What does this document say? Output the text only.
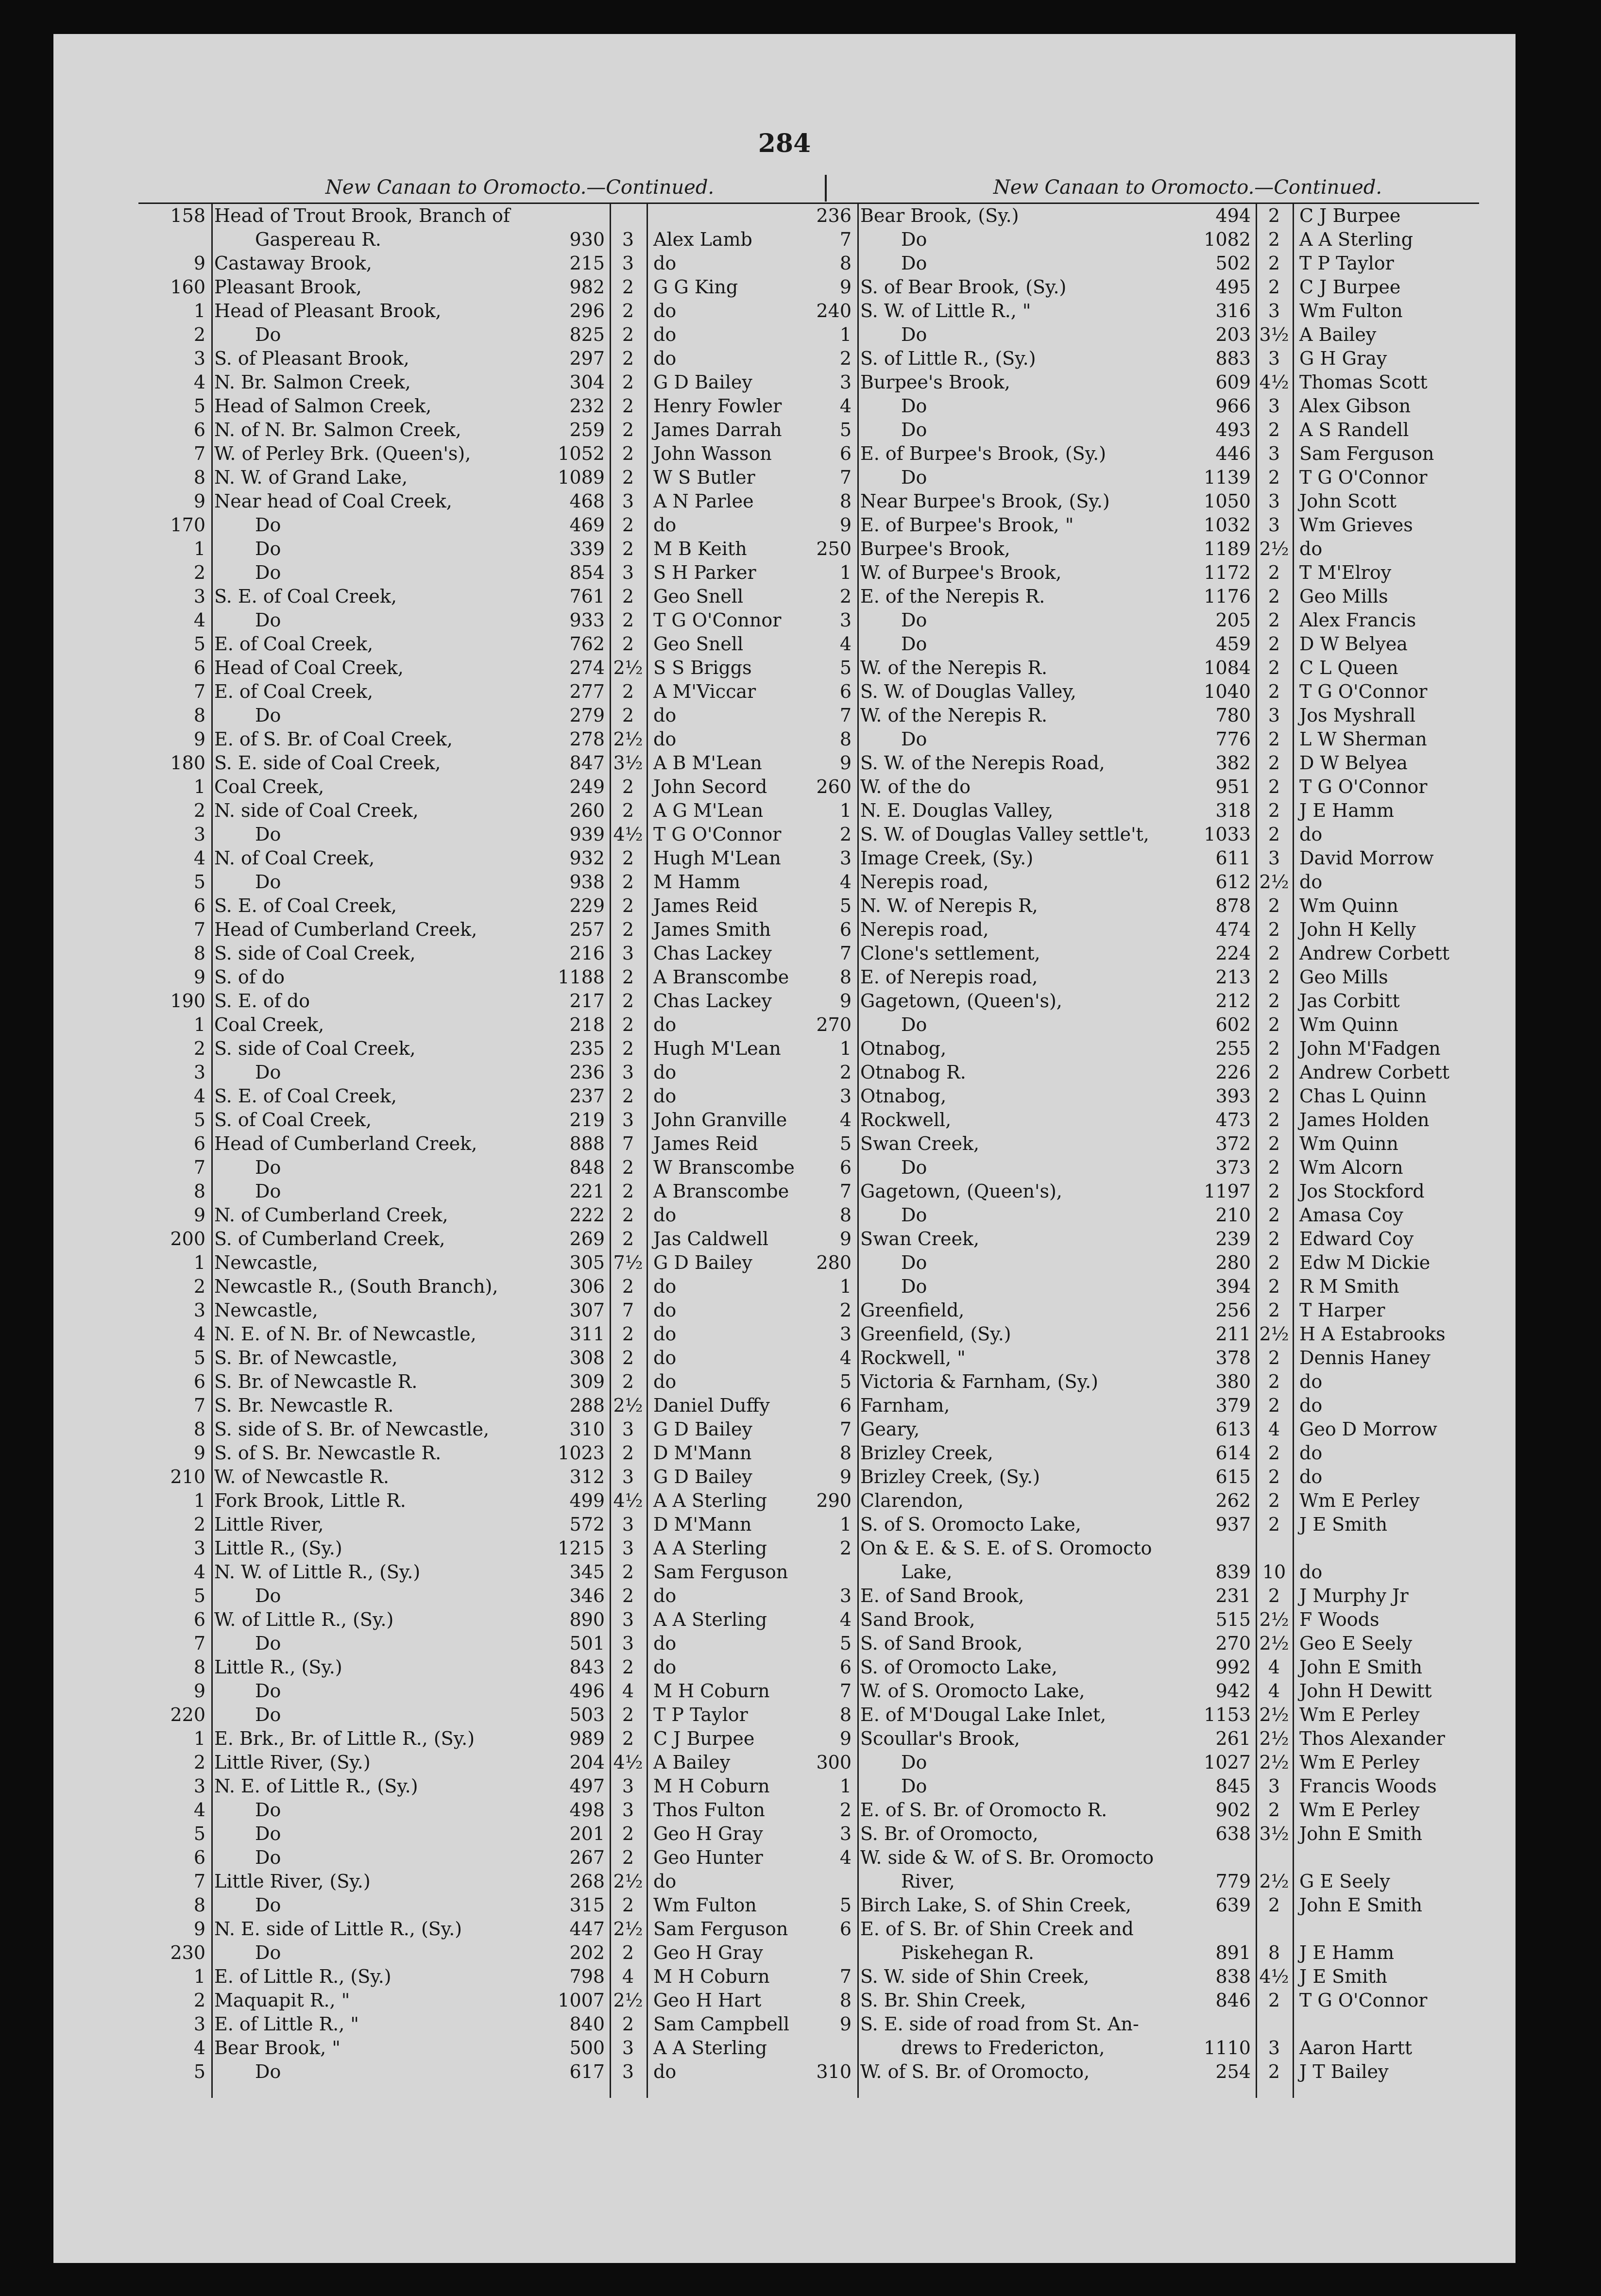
284
New Canaan to Oromocto.—Continued.
158 Head of Trout Brook, Branch of
Gaspereau R.	930 3	Alex Lamb
9 Castaway Brook,	215 3	do
160 Pleasant Brook,	982 2	G G King
1 Head of Pleasant Brook,	296 2	do
2	Do	825 2	do
3 S. of Pleasant Brook,	297 2	do
4 N. Br. Salmon Creek,	304 2	G D Bailey
5 Head of Salmon Creek,	232 2	Henry Fowler
6 N. of N. Br. Salmon Creek,	259 2	James Darrah
7 W. of Perley Brk. (Queen's),	1052 2	John Wasson
8 N. W. of Grand Lake,	1089 2	W S Butler
9 Near head of Coal Creek,	468 3	A N Parlee
170	Do	469 2	do
1	Do	339 2	M B Keith
2	Do	854 3	S H Parker
3 S. E. of Coal Creek,	761 2	Geo Snell
4	Do	933 2	T G O'Connor
5 E. of Coal Creek,	762 2	Geo Snell
6 Head of Coal Creek,	274 2½ S S Briggs
7 E. of Coal Creek,	277 2	A M'Viccar
8	Do	279 2	do
9 E. of S. Br. of Coal Creek,	278 2½ do
180 S. E. side of Coal Creek,	847 3½ A B M'Lean
1 Coal Creek,	249 2	John Secord
2 N. side of Coal Creek,	260 2	A G M'Lean
3	Do	939 4½ T G O'Connor
4 N. of Coal Creek,	932 2	Hugh M'Lean
5	Do	938 2	M Hamm
6 S. E. of Coal Creek,	229 2	James Reid
7 Head of Cumberland Creek,	257 2	James Smith
8 S. side of Coal Creek,	216 3	Chas Lackey
9 S. of do	1188 2	A Branscombe
190 S. E. of do	217 2	Chas Lackey
1 Coal Creek,	218 2	do
2 S. side of Coal Creek,	235 2	Hugh M'Lean
3	Do	236 3	do
4 S. E. of Coal Creek,	237 2	do
5 S. of Coal Creek,	219 3	John Granville
6 Head of Cumberland Creek,	888 7	James Reid
7	Do	848 2	W Branscombe
8	Do	221 2	A Branscombe
9 N. of Cumberland Creek,	222 2	do
200 S. of Cumberland Creek,	269 2	Jas Caldwell
1 Newcastle,	305 7½ G D Bailey
2 Newcastle R., (South Branch),	306 2	do
3 Newcastle,	307 7	do
4 N. E. of N. Br. of Newcastle,	311 2	do
5 S. Br. of Newcastle,	308 2	do
6 S. Br. of Newcastle R.	309 2	do
7 S. Br. Newcastle R.	288 2½ Daniel Duffy
8 S. side of S. Br. of Newcastle,	310 3	G D Bailey
9 S. of S. Br. Newcastle R.	1023 2	D M'Mann
210 W. of Newcastle R.	312 3	G D Bailey
1 Fork Brook, Little R.	499 4½ A A Sterling
2 Little River,	572 3	D M'Mann
3 Little R., (Sy.)	1215 3	A A Sterling
4 N. W. of Little R., (Sy.)	345 2	Sam Ferguson
5	Do	346 2	do
6 W. of Little R., (Sy.)	890 3	A A Sterling
7	Do	501 3	do
8 Little R., (Sy.)	843 2	do
9	Do	496 4	M H Coburn
220	Do	503 2	T P Taylor
1 E. Brk., Br. of Little R., (Sy.)	989 2	C J Burpee
2 Little River, (Sy.)	204 4½ A Bailey
3 N. E. of Little R., (Sy.)	497 3	M H Coburn
4	Do	498 3	Thos Fulton
5	Do	201 2	Geo H Gray
6	Do	267 2	Geo Hunter
7 Little River, (Sy.)	268 2½ do
8	Do	315 2	Wm Fulton
9 N. E. side of Little R., (Sy.)	447 2½ Sam Ferguson
230	Do	202 2	Geo H Gray
1 E. of Little R., (Sy.)	798 4	M H Coburn
2 Maquapit R., "	1007 2½ Geo H Hart
3 E. of Little R., "	840 2	Sam Campbell
4 Bear Brook, "	500 3	A A Sterling
5	Do	617 3	do
New Canaan to Oromocto.—Continued.
236 Bear Brook, (Sy.)	494 2	C J Burpee
7	Do	1082 2	A A Sterling
8	Do	502 2	T P Taylor
9 S. of Bear Brook, (Sy.)	495 2	C J Burpee
240 S. W. of Little R., "	316 3	Wm Fulton
1	Do	203 3½ A Bailey
2 S. of Little R., (Sy.)	883 3	G H Gray
3 Burpee's Brook,	609 4½ Thomas Scott
4	Do	966 3	Alex Gibson
5	Do	493 2	A S Randell
6 E. of Burpee's Brook, (Sy.)	446 3	Sam Ferguson
7	Do	1139 2	T G O'Connor
8 Near Burpee's Brook, (Sy.)	1050 3	John Scott
9 E. of Burpee's Brook, "	1032 3	Wm Grieves
250 Burpee's Brook,	1189 2½ do
1 W. of Burpee's Brook,	1172 2	T M'Elroy
2 E. of the Nerepis R.	1176 2	Geo Mills
3	Do	205 2	Alex Francis
4	Do	459 2	D W Belyea
5 W. of the Nerepis R.	1084 2	C L Queen
6 S. W. of Douglas Valley,	1040 2	T G O'Connor
7 W. of the Nerepis R.	780 3	Jos Myshrall
8	Do	776 2	L W Sherman
9 S. W. of the Nerepis Road,	382 2	D W Belyea
260 W. of the do	951 2	T G O'Connor
1 N. E. Douglas Valley,	318 2	J E Hamm
2 S. W. of Douglas Valley settle't,	1033 2	do
3 Image Creek, (Sy.)	611 3	David Morrow
4 Nerepis road,	612 2½ do
5 N. W. of Nerepis R,	878 2	Wm Quinn
6 Nerepis road,	474 2	John H Kelly
7 Clone's settlement,	224 2	Andrew Corbett
8 E. of Nerepis road,	213 2	Geo Mills
9 Gagetown, (Queen's),	212 2	Jas Corbitt
270	Do	602 2	Wm Quinn
1 Otnabog,	255 2	John M'Fadgen
2 Otnabog R.	226 2	Andrew Corbett
3 Otnabog,	393 2	Chas L Quinn
4 Rockwell,	473 2	James Holden
5 Swan Creek,	372 2	Wm Quinn
6	Do	373 2	Wm Alcorn
7 Gagetown, (Queen's),	1197 2	Jos Stockford
8	Do	210 2	Amasa Coy
9 Swan Creek,	239 2	Edward Coy
280	Do	280 2	Edw M Dickie
1	Do	394 2	R M Smith
2 Greenfield,	256 2	T Harper
3 Greenfield, (Sy.)	211 2½ H A Estabrooks
4 Rockwell, "	378 2	Dennis Haney
5 Victoria & Farnham, (Sy.)	380 2	do
6 Farnham,	379 2	do
7 Geary,	613 4	Geo D Morrow
8 Brizley Creek,	614 2	do
9 Brizley Creek, (Sy.)	615 2	do
290 Clarendon,	262 2	Wm E Perley
1 S. of S. Oromocto Lake,	937 2	J E Smith
2 On & E. & S. E. of S. Oromocto
Lake,	839 10 do
3 E. of Sand Brook,	231 2	J Murphy Jr
4 Sand Brook,	515 2½ F Woods
5 S. of Sand Brook,	270 2½ Geo E Seely
6 S. of Oromocto Lake,	992 4	John E Smith
7 W. of S. Oromocto Lake,	942 4	John H Dewitt
8 E. of M'Dougal Lake Inlet,	1153 2½ Wm E Perley
9 Scoullar's Brook,	261 2½ Thos Alexander
300	Do	1027 2½ Wm E Perley
1	Do	845 3	Francis Woods
2 E. of S. Br. of Oromocto R.	902 2	Wm E Perley
3 S. Br. of Oromocto,	638 3½ John E Smith
4 W. side & W. of S. Br. Oromocto
River,	779 2½ G E Seely
5 Birch Lake, S. of Shin Creek,	639 2	John E Smith
6 E. of S. Br. of Shin Creek and
Piskehegan R.	891 8	J E Hamm
7 S. W. side of Shin Creek,	838 4½ J E Smith
8 S. Br. Shin Creek,	846 2	T G O'Connor
9 S. E. side of road from St. An-
drews to Fredericton,	1110 3	Aaron Hartt
310 W. of S. Br. of Oromocto,	254 2	J T Bailey
